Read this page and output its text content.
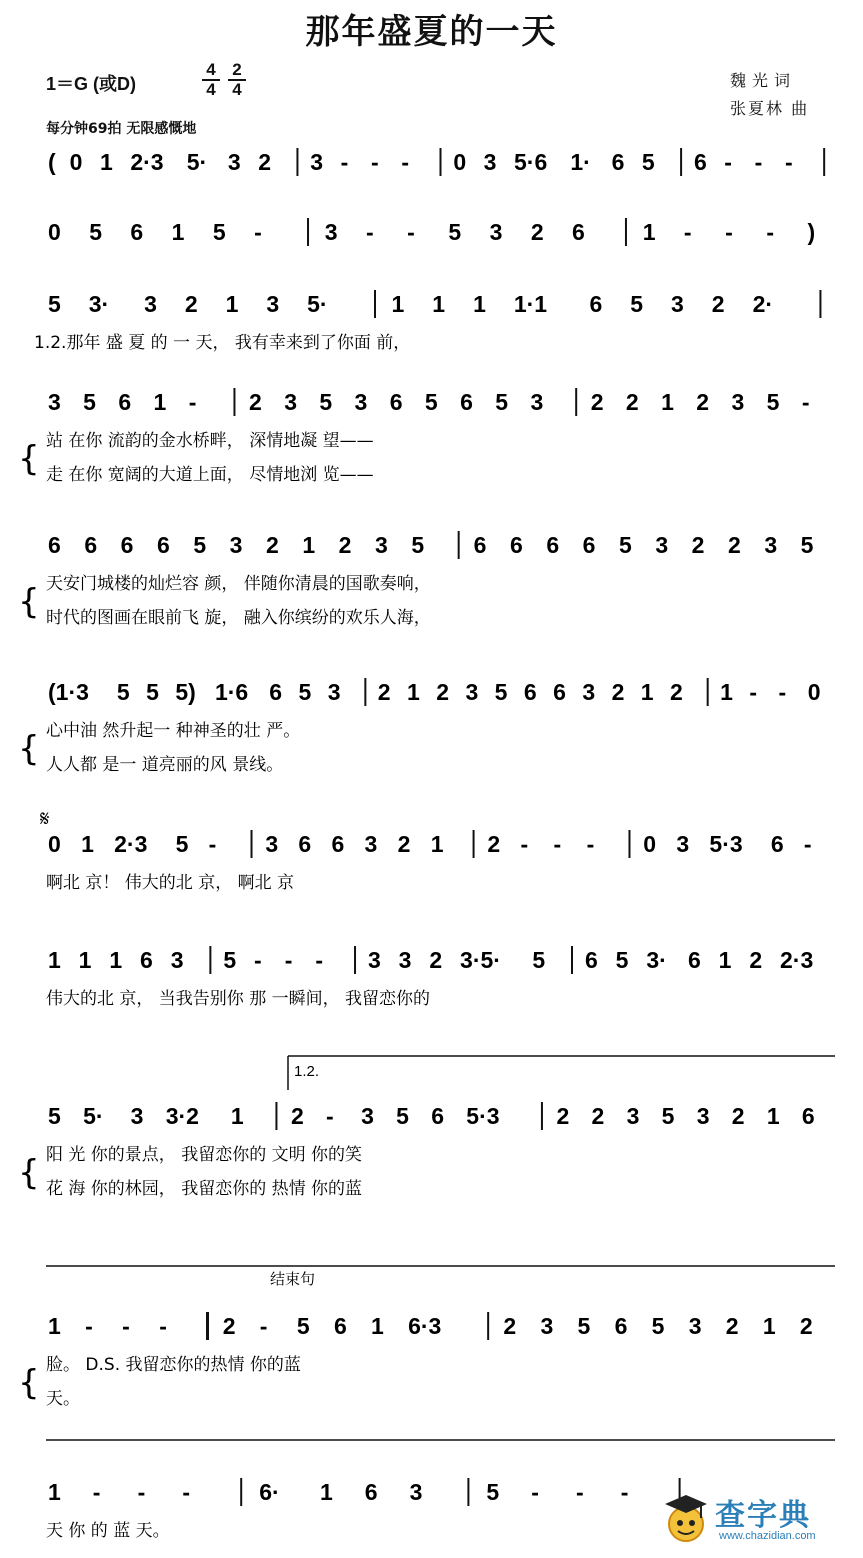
那年盛夏的一天
1＝G (或D)
4
4
2
4
每分钟69拍 无限感慨地
魏光词
张夏林 曲
( 0 1 2·3 5· 3 2 3 - - - 0 3 5·6 1· 6 5 6 - - -
0 5 6 1 5 -	3 - - 5 3 2 6	1 - - - )
5 3· 3 2 1 3 5·	1 1 1 1·1 6 5 3 2 2·
1.2.那年 盛 夏 的 一 天， 我有幸来到了你面 前，
3 5 6 1 - 2 3 5 3 6 5 6 5 3 2 2 1 2 3 5 -
站 在你 流韵的金水桥畔， 深情地凝 望——
走 在你 宽阔的大道上面， 尽情地浏 览——
{
6 6 6 6 5 3 2 1 2 3 5 6 6 6 6 5 3 2 2 3 5
天安门城楼的灿烂容 颜， 伴随你清晨的国歌奏响，
时代的图画在眼前飞 旋， 融入你缤纷的欢乐人海，
{
(1·3 5 5 5) 1·6 6 5 3 2 1 2 3 5 6 6 3 2 1 2 1 - - 0
心中油 然升起一 种神圣的壮 严。
人人都 是一 道亮丽的风 景线。
{
0 1 2·3 5 - 3 6 6 3 2 1 2 - - - 0 3 5·3 6 -
啊北 京！ 伟大的北 京， 啊北 京
1 1 1 6 3 5 - - - 3 3 2 3·5· 5 6 5 3· 6 1 2 2·3
伟大的北 京， 当我告别你 那 一瞬间， 我留恋你的
5 5· 3 3·2 1 2 - 3 5 6 5·3 2 2 3 5 3 2 1 6
阳 光 你的景点， 我留恋你的 文明 你的笑
花 海 你的林园， 我留恋你的 热情 你的蓝
{
1 - - - 2 - 5 6 1 6·3	2 3 5 6 5 3 2 1 2
脸。 D.S. 我留恋你的热情 你的蓝
天。
{
1 - - -	6· 1 6 3	5 - - -
天 你 的 蓝 天。
1.2.
结束句
𝄋
查字典
www.chazidian.com
